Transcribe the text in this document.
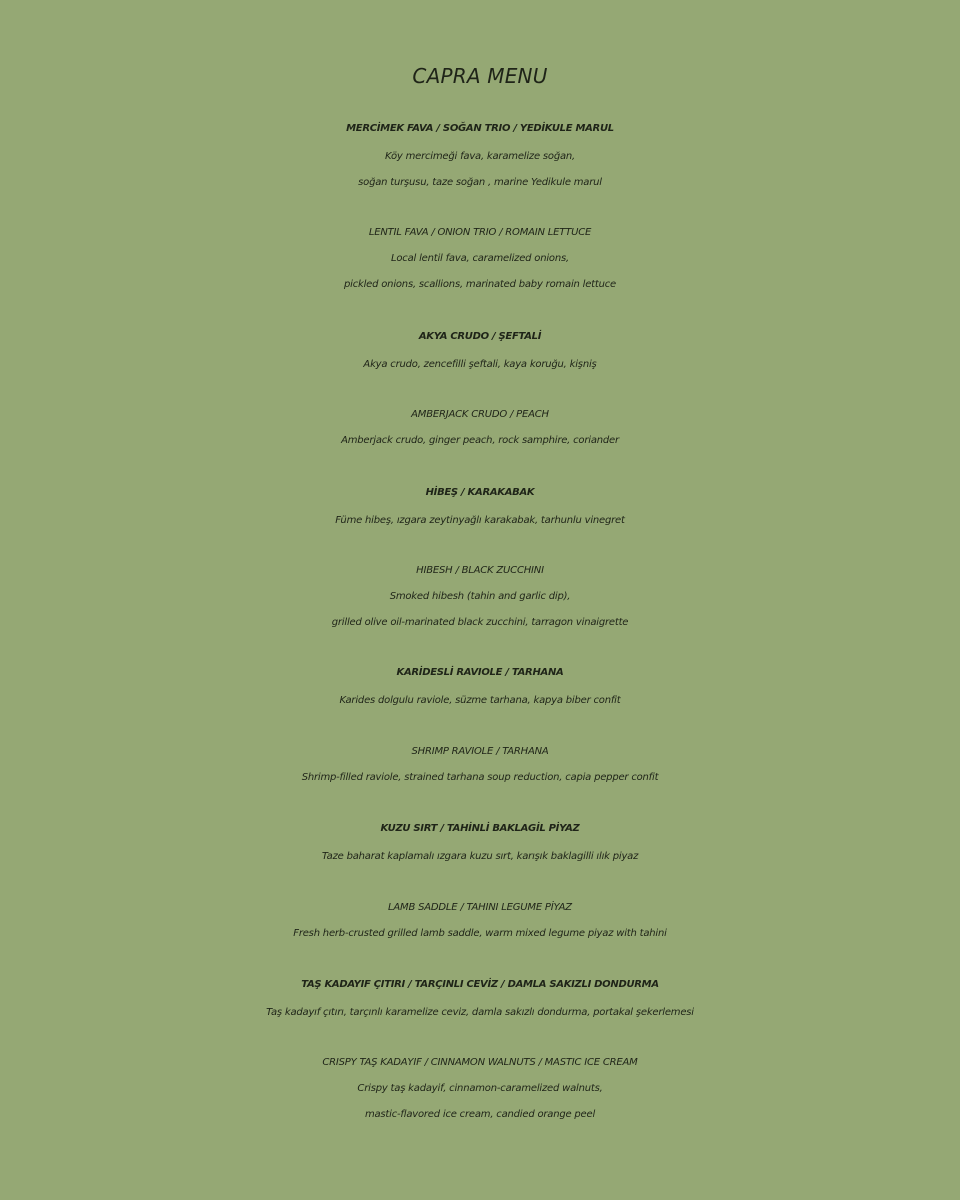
CAPRA MENU
MERCİMEK FAVA / SOĞAN TRIO / YEDİKULE MARUL
Köy mercimeği fava, karamelize soğan,
soğan turşusu, taze soğan , marine Yedikule marul
LENTIL FAVA / ONION TRIO / ROMAIN LETTUCE
Local lentil fava, caramelized onions,
pickled onions, scallions, marinated baby romain lettuce
AKYA CRUDO / ŞEFTALİ
Akya crudo, zencefilli şeftali, kaya koruğu, kişniş
AMBERJACK CRUDO / PEACH
Amberjack crudo, ginger peach, rock samphire, coriander
HİBEŞ / KARAKABAK
Füme hibeş, ızgara zeytinyağlı karakabak, tarhunlu vinegret
HIBESH / BLACK ZUCCHINI
Smoked hibesh (tahin and garlic dip),
grilled olive oil-marinated black zucchini, tarragon vinaigrette
KARİDESLİ RAVIOLE / TARHANA
Karides dolgulu raviole, süzme tarhana, kapya biber confit
SHRIMP RAVIOLE / TARHANA
Shrimp-filled raviole, strained tarhana soup reduction, capia pepper confit
KUZU SIRT / TAHİNLİ BAKLAGİL PİYAZ
Taze baharat kaplamalı ızgara kuzu sırt, karışık baklagilli ılık piyaz
LAMB SADDLE / TAHINI LEGUME PİYAZ
Fresh herb-crusted grilled lamb saddle, warm mixed legume piyaz with tahini
TAŞ KADAYIF ÇITIRI / TARÇINLI CEVİZ / DAMLA SAKIZLI DONDURMA
Taş kadayıf çıtırı, tarçınlı karamelize ceviz, damla sakızlı dondurma, portakal şekerlemesi
CRISPY TAŞ KADAYIF / CINNAMON WALNUTS / MASTIC ICE CREAM
Crispy taş kadayif, cinnamon-caramelized walnuts,
mastic-flavored ice cream, candied orange peel
